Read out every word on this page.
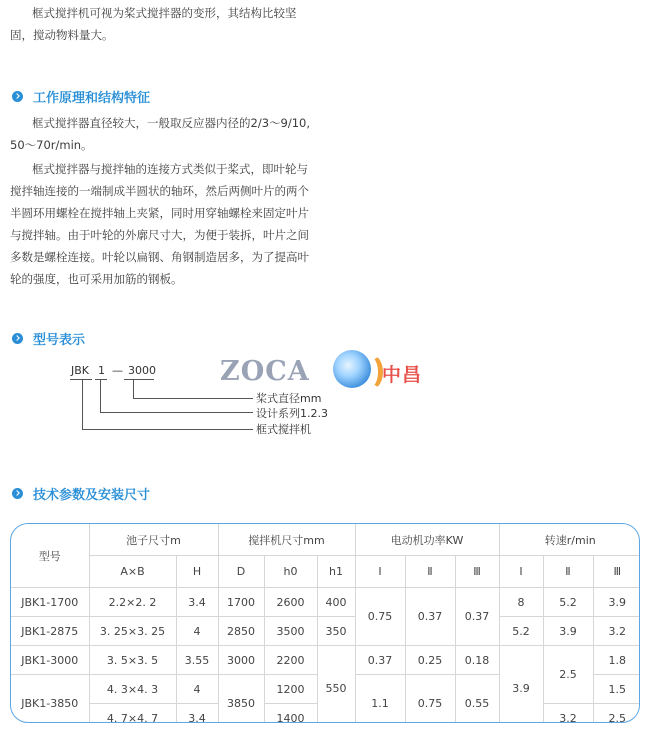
框式搅拌机可视为桨式搅拌器的变形，其结构比较坚

固，搅动物料量大。

工作原理和结构特征

框式搅拌器直径较大，一般取反应器内径的2/3～9/10,

50～70r/min。

框式搅拌器与搅拌轴的连接方式类似于桨式，即叶轮与

搅拌轴连接的一端制成半圆状的轴环，然后两侧叶片的两个

半圆环用螺栓在搅拌轴上夹紧，同时用穿轴螺栓来固定叶片

与搅拌轴。由于叶轮的外廓尺寸大，为便于装拆，叶片之间

多数是螺栓连接。叶轮以扁钢、角钢制造居多，为了提高叶

轮的强度，也可采用加筋的钢板。

型号表示
JBK 1 — 3000
桨式直径mm
设计系列1.2.3
框式搅拌机
ZOCA	中昌
技术参数及安装尺寸
型号	池子尺寸m		搅拌机尺寸mm			电动机功率KW			转速r/min		
	A×B	H	D	h0	h1	Ⅰ	Ⅱ	Ⅲ	Ⅰ	Ⅱ	Ⅲ
JBK1-1700	2.2×2. 2	3.4	1700	2600	400	0.75	0.37	0.37	8	5.2	3.9
JBK1-2875	3. 25×3. 25	4	2850	3500	350				5.2	3.9	3.2
JBK1-3000	3. 5×3. 5	3.55	3000	2200	550	0.37	0.25	0.18	3.9	2.5	1.8
JBK1-3850	4. 3×4. 3	4	3850	1200		1.1	0.75	0.55			1.5
	4. 7×4. 7	3.4		1400						3.2	2.5
